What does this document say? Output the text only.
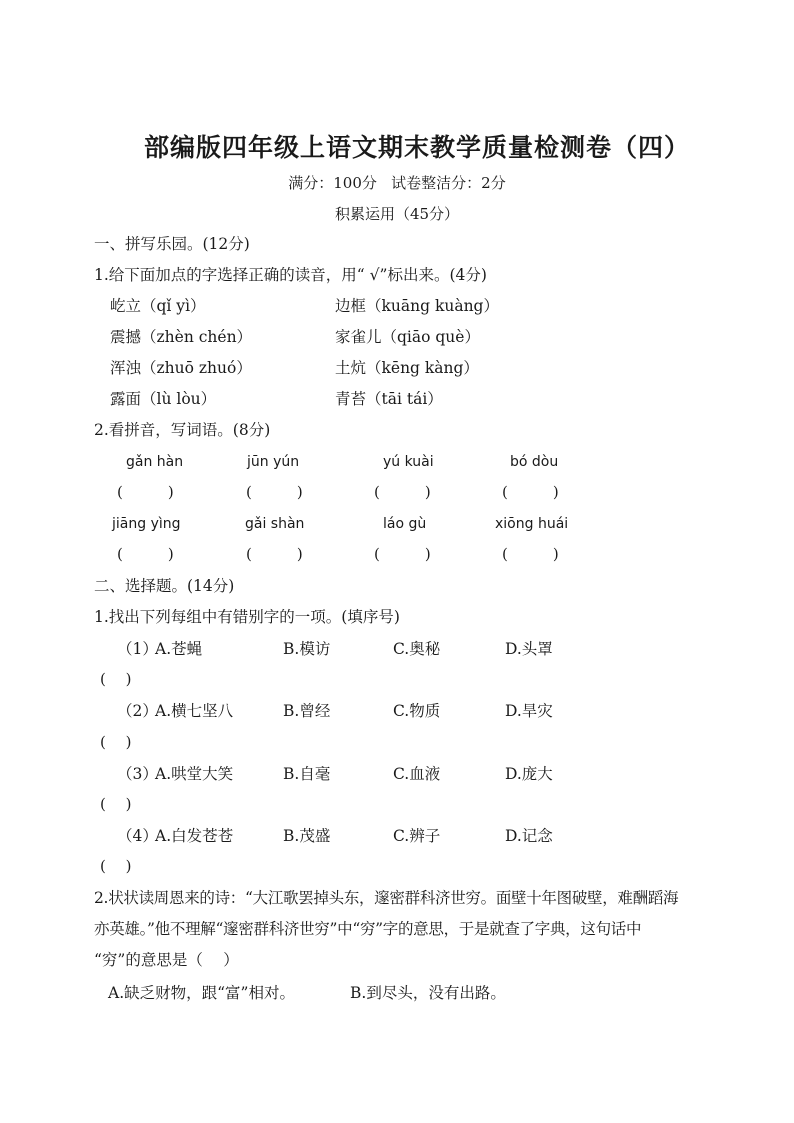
部编版四年级上语文期末教学质量检测卷（四）
满分：100分   试卷整洁分：2分
积累运用（45分）
一、拼写乐园。(12分)
1.给下面加点的字选择正确的读音，用“ √”标出来。(4分)
屹立（qǐ yì）	边框（kuāng kuàng）
震撼（zhèn chén）	家雀儿（qiāo què）
浑浊（zhuō zhuó）	土炕（kēng kàng）
露面（lù lòu）	青苔（tāi tái）
2.看拼音，写词语。(8分)
gǎn hàn	jūn yún	yú kuài	bó dòu
(　　　)	(　　　)	(　　　)	(　　　)
jiāng yìng	gǎi shàn	láo gù	xiōng huái
(　　　)	(　　　)	(　　　)	(　　　)
二、选择题。(14分)
1.找出下列每组中有错别字的一项。(填序号)
（1）
A.苍蝇	B.模访	C.奥秘	D.头罩
(　 )
（2）
A.横七坚八	B.曾经	C.物质	D.旱灾
(　 )
（3）
A.哄堂大笑	B.自毫	C.血液	D.庞大
(　 )
（4）
A.白发苍苍	B.茂盛	C.辨子	D.记念
(　 )
2.状状读周恩来的诗：“大江歌罢掉头东，邃密群科济世穷。面壁十年图破壁，难酬蹈海
亦英雄。”他不理解“邃密群科济世穷”中“穷”字的意思，于是就查了字典，这句话中
“穷”的意思是（　 ）
A.缺乏财物，跟“富”相对。	B.到尽头，没有出路。
